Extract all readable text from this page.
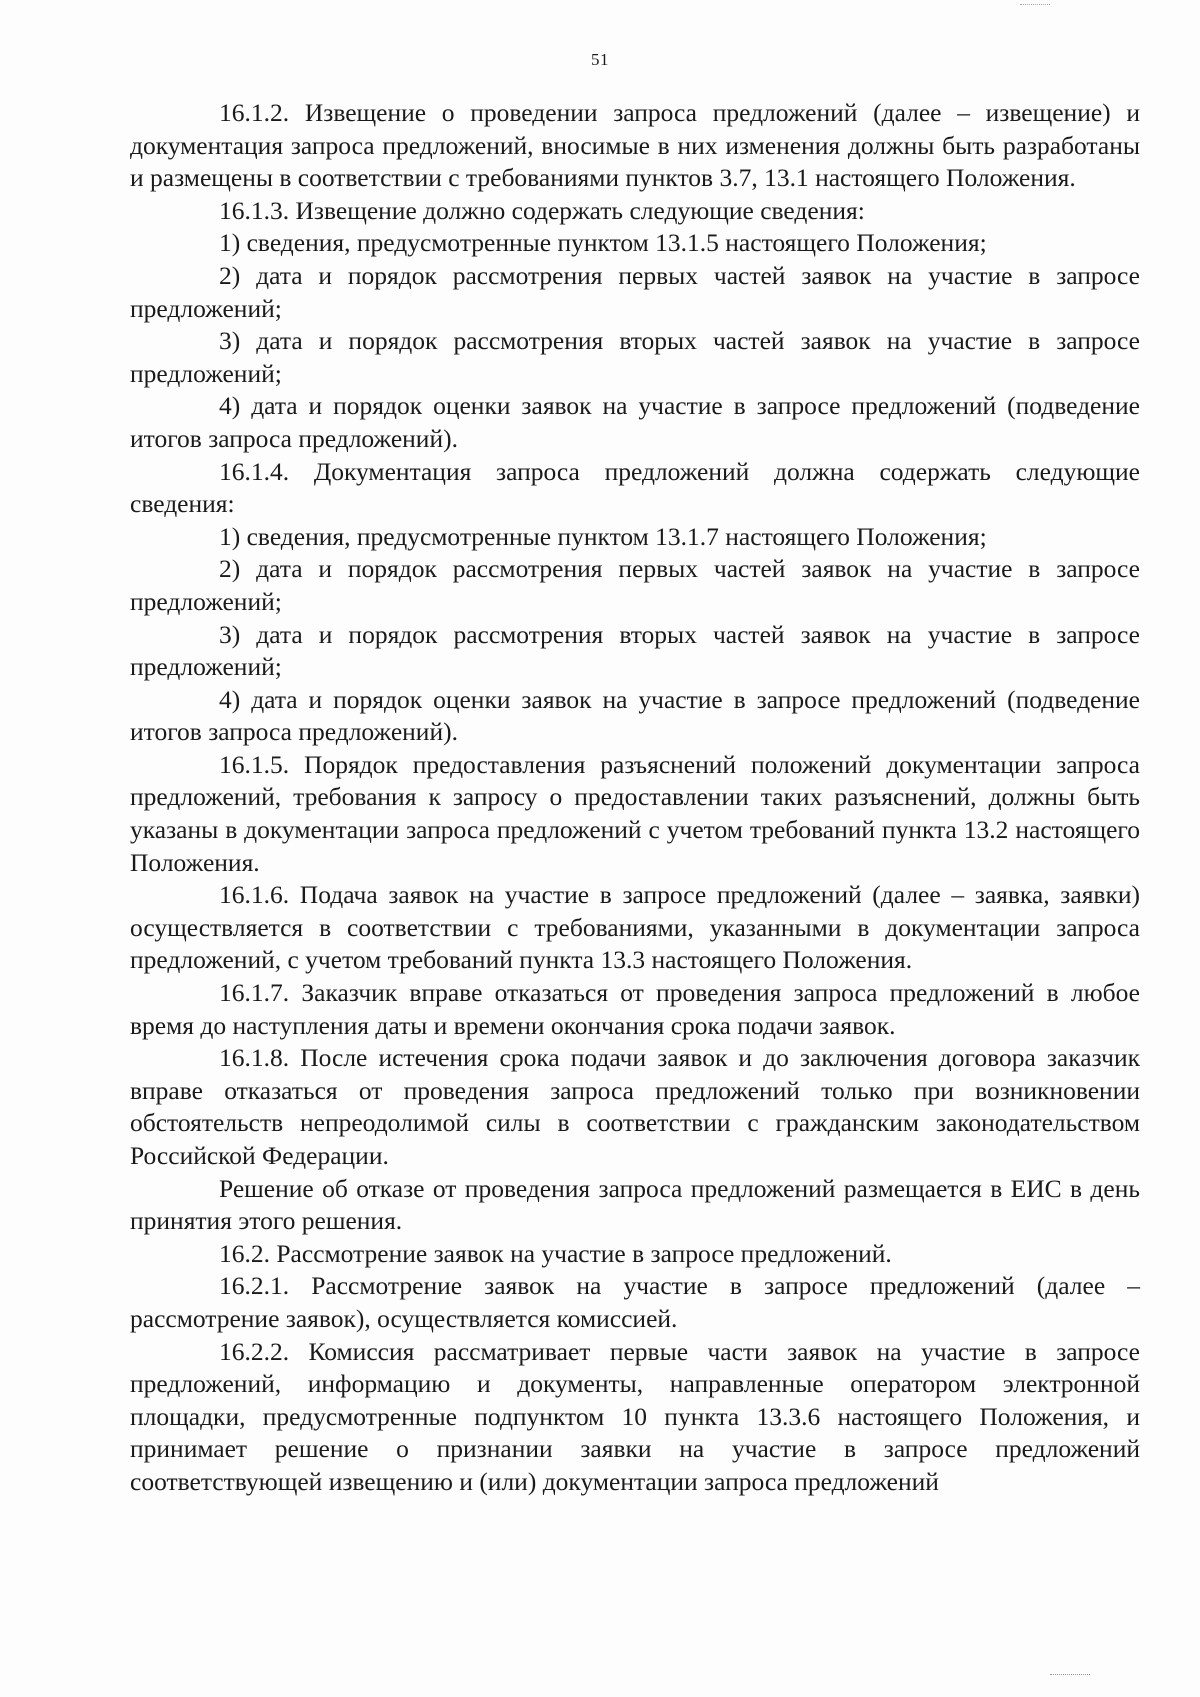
51

16.1.2. Извещение о проведении запроса предложений (далее – извещение) и документация запроса предложений, вносимые в них изменения должны быть разработаны и размещены в соответствии с требованиями пунктов 3.7, 13.1 настоящего Положения.

16.1.3. Извещение должно содержать следующие сведения:

1) сведения, предусмотренные пунктом 13.1.5 настоящего Положения;

2) дата и порядок рассмотрения первых частей заявок на участие в запросе предложений;

3) дата и порядок рассмотрения вторых частей заявок на участие в запросе предложений;

4) дата и порядок оценки заявок на участие в запросе предложений (подведение итогов запроса предложений).

16.1.4. Документация запроса предложений должна содержать следующие сведения:

1) сведения, предусмотренные пунктом 13.1.7 настоящего Положения;

2) дата и порядок рассмотрения первых частей заявок на участие в запросе предложений;

3) дата и порядок рассмотрения вторых частей заявок на участие в запросе предложений;

4) дата и порядок оценки заявок на участие в запросе предложений (подведение итогов запроса предложений).

16.1.5. Порядок предоставления разъяснений положений документации запроса предложений, требования к запросу о предоставлении таких разъяснений, должны быть указаны в документации запроса предложений с учетом требований пункта 13.2 настоящего Положения.

16.1.6. Подача заявок на участие в запросе предложений (далее – заявка, заявки) осуществляется в соответствии с требованиями, указанными в документации запроса предложений, с учетом требований пункта 13.3 настоящего Положения.

16.1.7. Заказчик вправе отказаться от проведения запроса предложений в любое время до наступления даты и времени окончания срока подачи заявок.

16.1.8. После истечения срока подачи заявок и до заключения договора заказчик вправе отказаться от проведения запроса предложений только при возникновении обстоятельств непреодолимой силы в соответствии с гражданским законодательством Российской Федерации.

Решение об отказе от проведения запроса предложений размещается в ЕИС в день принятия этого решения.

16.2. Рассмотрение заявок на участие в запросе предложений.

16.2.1. Рассмотрение заявок на участие в запросе предложений (далее – рассмотрение заявок), осуществляется комиссией.

16.2.2. Комиссия рассматривает первые части заявок на участие в запросе предложений, информацию и документы, направленные оператором электронной площадки, предусмотренные подпунктом 10 пункта 13.3.6 настоящего Положения, и принимает решение о признании заявки на участие в запросе предложений соответствующей извещению и (или) документации запроса предложений
